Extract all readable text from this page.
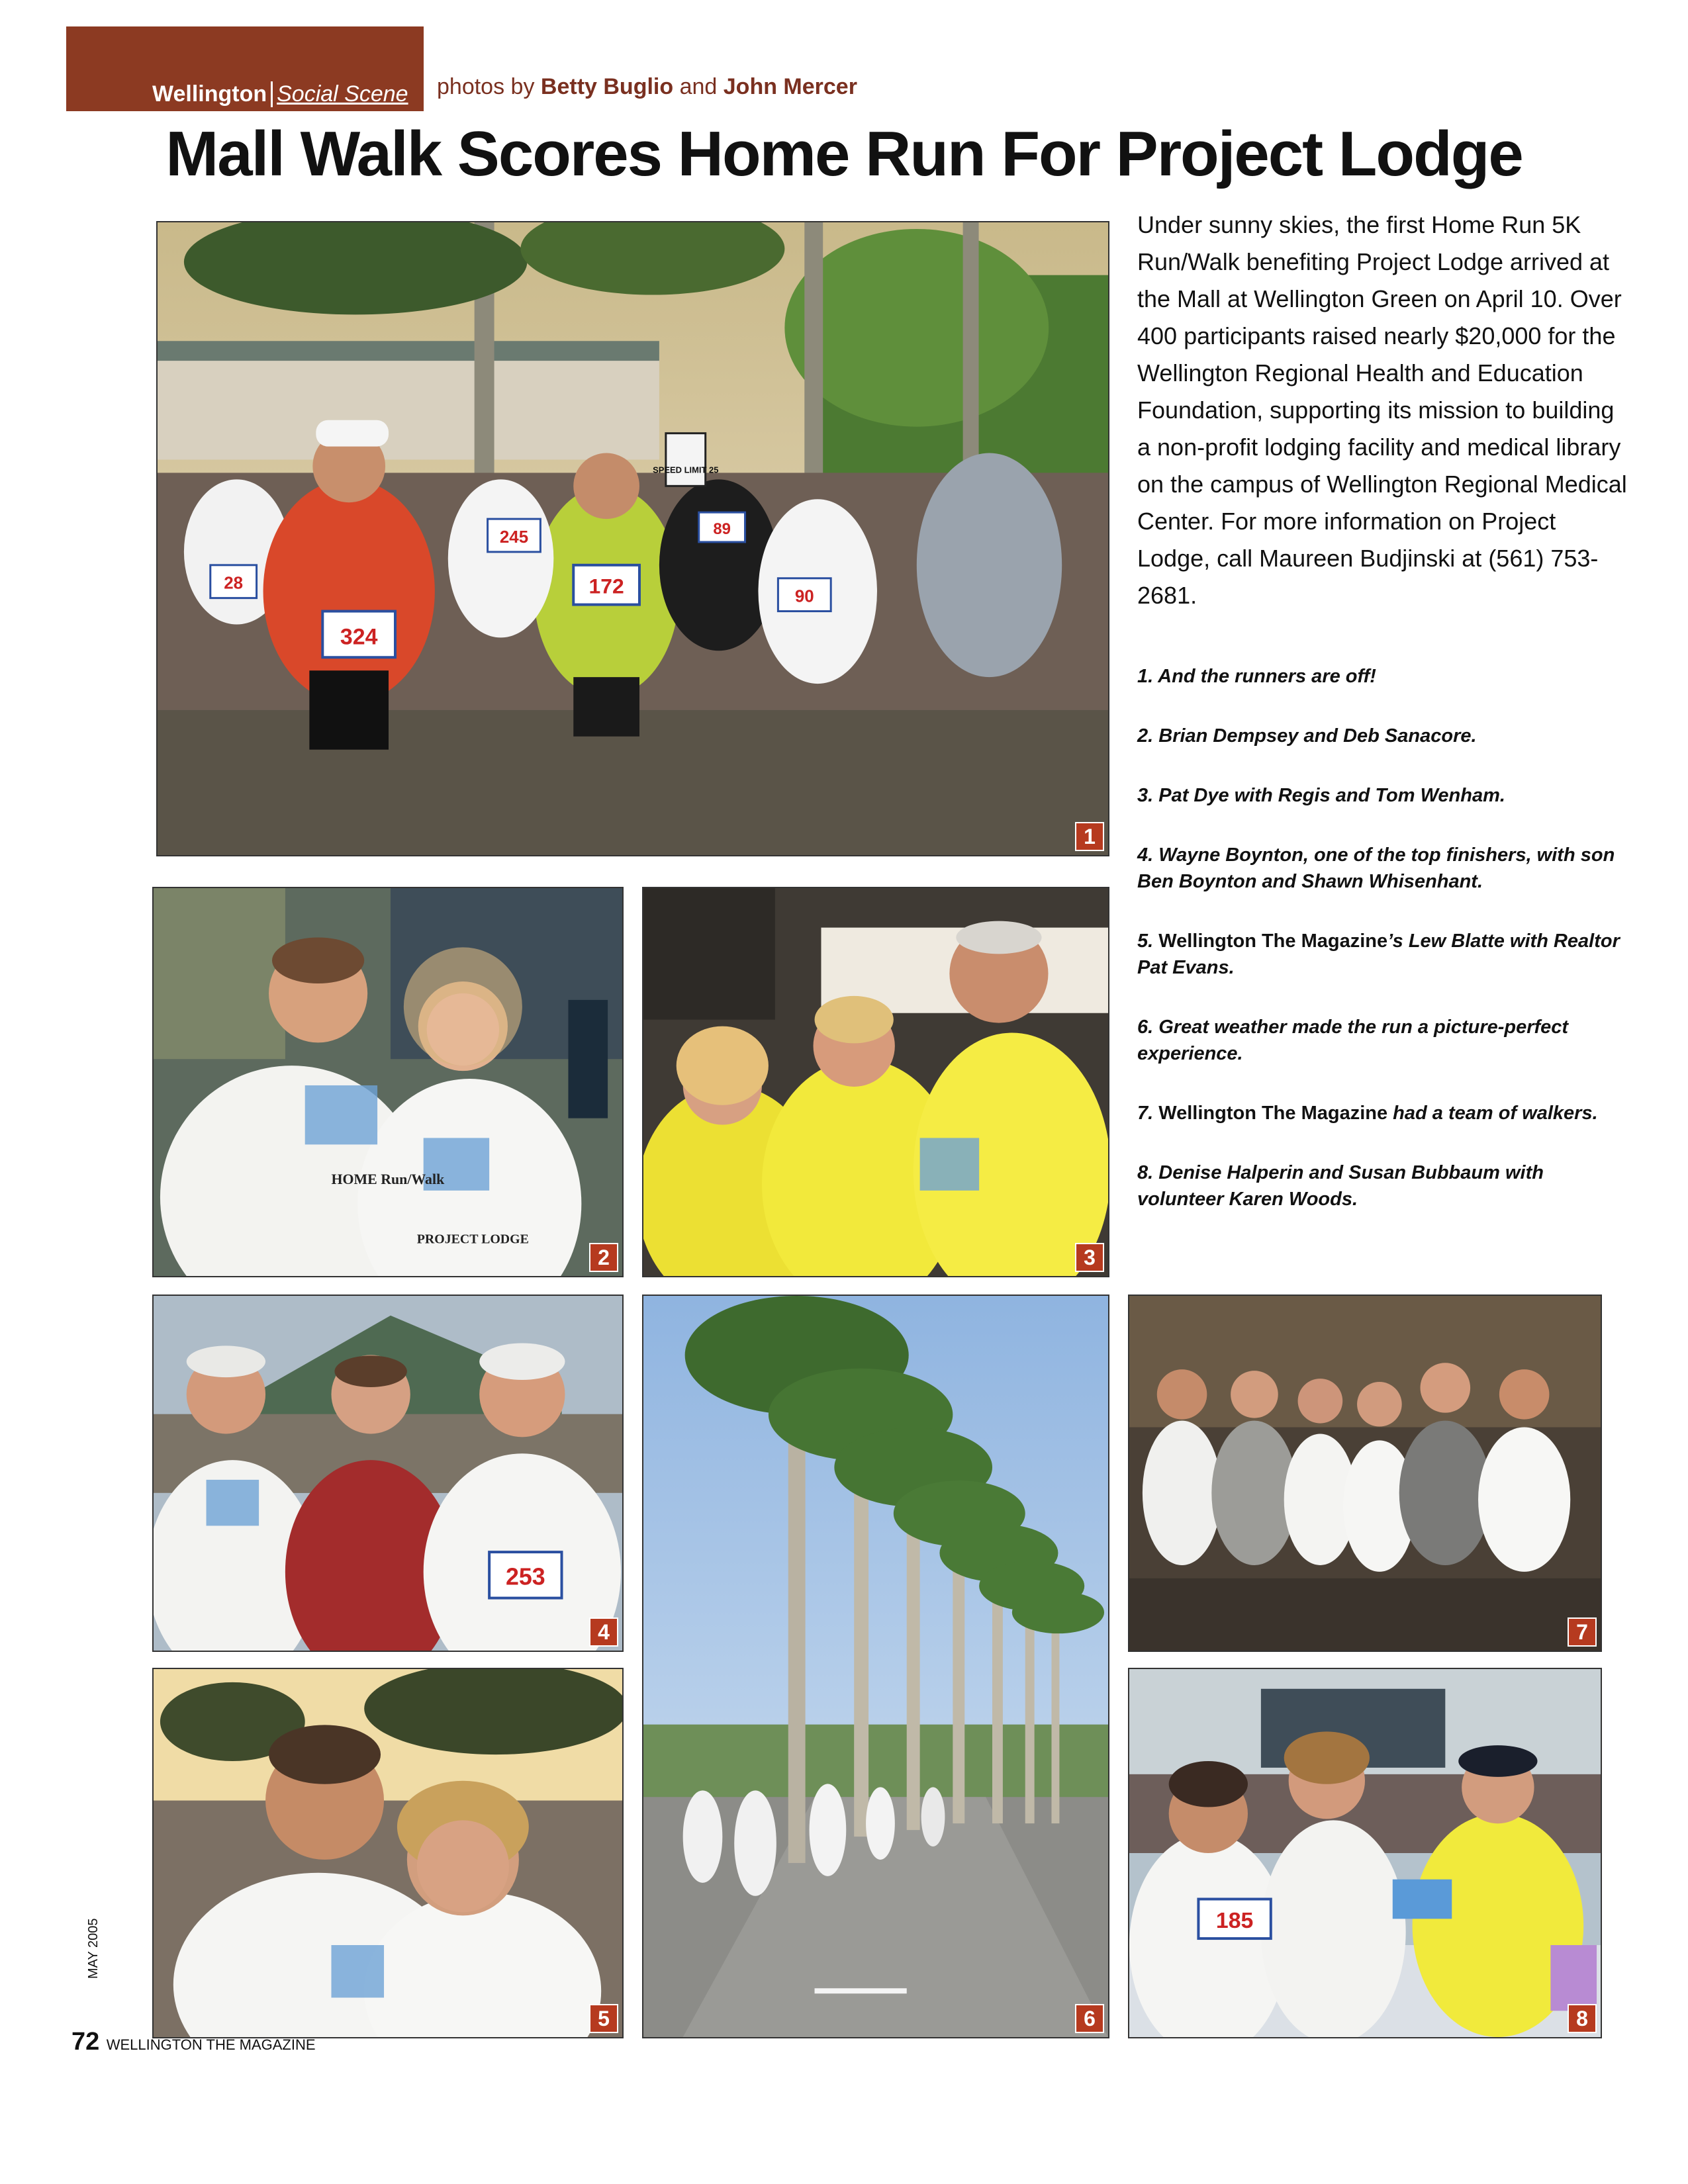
Wellington Social Scene photos by Betty Buglio and John Mercer
Mall Walk Scores Home Run For Project Lodge
324
172
245	89
90
28
SPEED LIMIT 25
1
HOME Run/Walk
PROJECT LODGE
2	3
253
4
6
7
5
185
8
Under sunny skies, the first Home Run 5K Run/Walk benefiting Project Lodge arrived at the Mall at Wellington Green on April 10. Over 400 participants raised nearly $20,000 for the Wellington Regional Health and Education Foundation, supporting its mission to building a non-profit lodging facility and medical library on the campus of Wellington Regional Medical Center. For more information on Project Lodge, call Maureen Budjinski at (561) 753-2681.

1. And the runners are off!

2. Brian Dempsey and Deb Sanacore.

3. Pat Dye with Regis and Tom Wenham.

4. Wayne Boynton, one of the top finishers, with son Ben Boynton and Shawn Whisenhant.

5. Wellington The Magazine’s Lew Blatte with Realtor Pat Evans.

6. Great weather made the run a picture-perfect experience.

7. Wellington The Magazine had a team of walkers.

8. Denise Halperin and Susan Bubbaum with volunteer Karen Woods.

MAY 2005
72 WELLINGTON THE MAGAZINE
